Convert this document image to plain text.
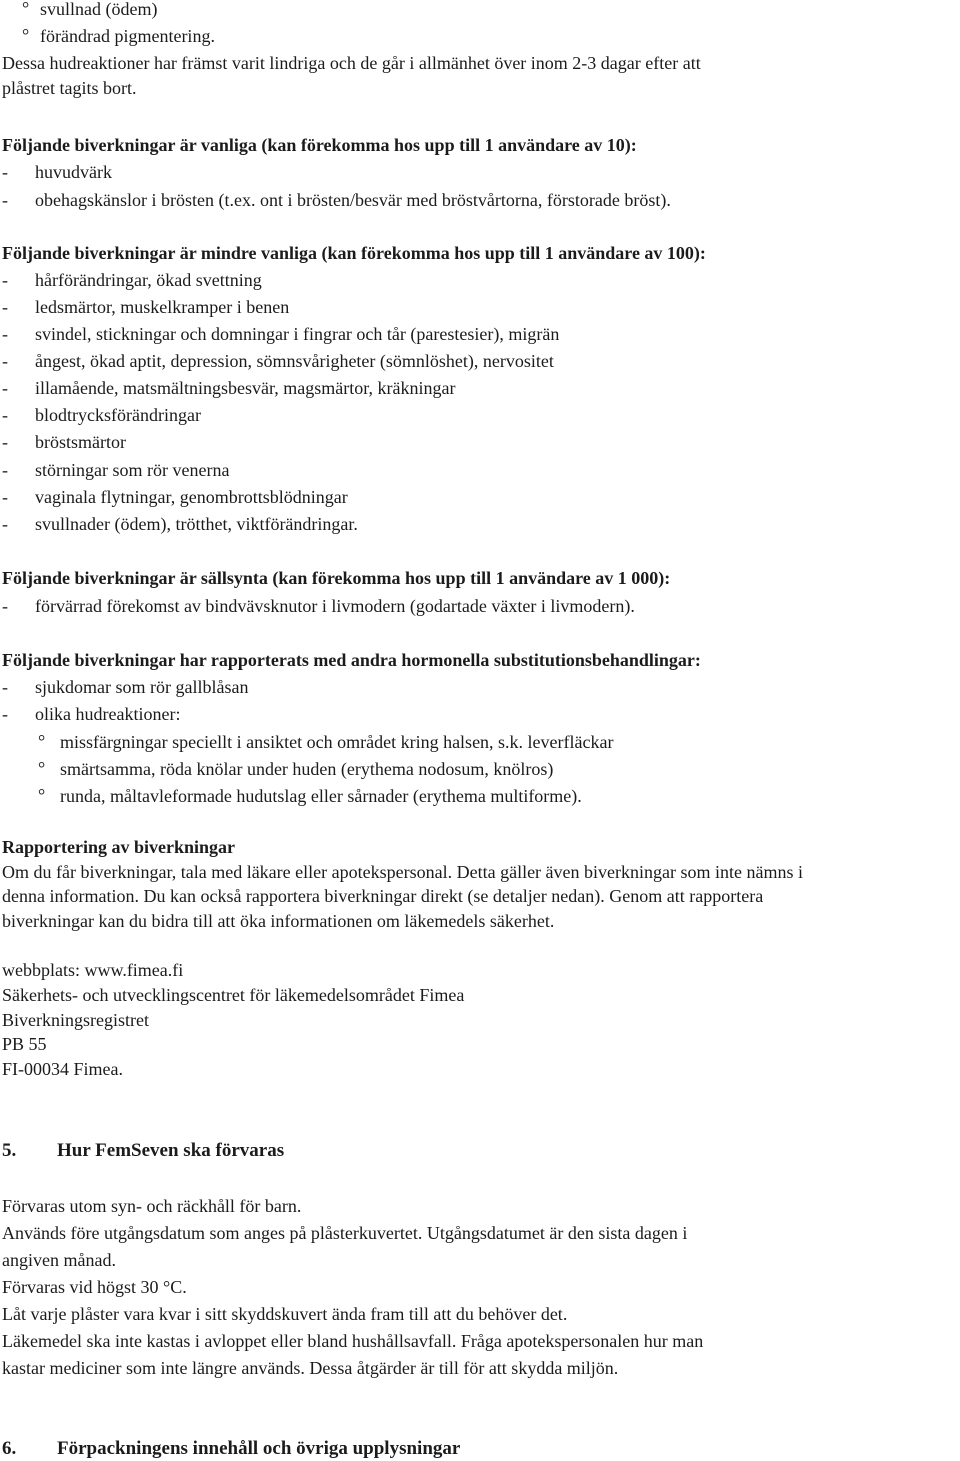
° svullnad (ödem)
° förändrad pigmentering.
Dessa hudreaktioner har främst varit lindriga och de går i allmänhet över inom 2-3 dagar efter att
plåstret tagits bort.
Följande biverkningar är vanliga (kan förekomma hos upp till 1 användare av 10):
- huvudvärk
- obehagskänslor i brösten (t.ex. ont i brösten/besvär med bröstvårtorna, förstorade bröst).
Följande biverkningar är mindre vanliga (kan förekomma hos upp till 1 användare av 100):
- hårförändringar, ökad svettning
- ledsmärtor, muskelkramper i benen
- svindel, stickningar och domningar i fingrar och tår (parestesier), migrän
- ångest, ökad aptit, depression, sömnsvårigheter (sömnlöshet), nervositet
- illamående, matsmältningsbesvär, magsmärtor, kräkningar
- blodtrycksförändringar
- bröstsmärtor
- störningar som rör venerna
- vaginala flytningar, genombrottsblödningar
- svullnader (ödem), trötthet, viktförändringar.
Följande biverkningar är sällsynta (kan förekomma hos upp till 1 användare av 1 000):
- förvärrad förekomst av bindvävsknutor i livmodern (godartade växter i livmodern).
Följande biverkningar har rapporterats med andra hormonella substitutionsbehandlingar:
- sjukdomar som rör gallblåsan
- olika hudreaktioner:
° missfärgningar speciellt i ansiktet och området kring halsen, s.k. leverfläckar
° smärtsamma, röda knölar under huden (erythema nodosum, knölros)
° runda, måltavleformade hudutslag eller sårnader (erythema multiforme).
Rapportering av biverkningar
Om du får biverkningar, tala med läkare eller apotekspersonal. Detta gäller även biverkningar som inte nämns i
denna information. Du kan också rapportera biverkningar direkt (se detaljer nedan). Genom att rapportera
biverkningar kan du bidra till att öka informationen om läkemedels säkerhet.
webbplats: www.fimea.fi
Säkerhets- och utvecklingscentret för läkemedelsområdet Fimea
Biverkningsregistret
PB 55
FI-00034 Fimea.
5. Hur FemSeven ska förvaras
Förvaras utom syn- och räckhåll för barn.
Används före utgångsdatum som anges på plåsterkuvertet. Utgångsdatumet är den sista dagen i
angiven månad.
Förvaras vid högst 30 °C.
Låt varje plåster vara kvar i sitt skyddskuvert ända fram till att du behöver det.
Läkemedel ska inte kastas i avloppet eller bland hushållsavfall. Fråga apotekspersonalen hur man
kastar mediciner som inte längre används. Dessa åtgärder är till för att skydda miljön.
6. Förpackningens innehåll och övriga upplysningar
